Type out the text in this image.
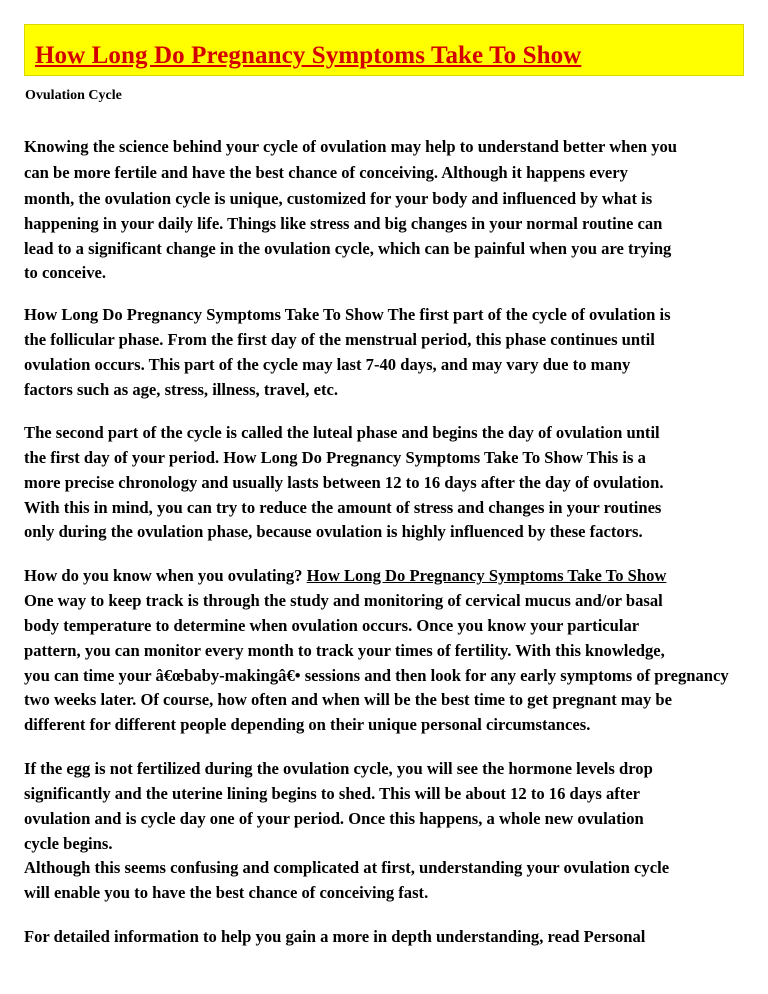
How Long Do Pregnancy Symptoms Take To Show
Ovulation Cycle
Knowing the science behind your cycle of ovulation may help to understand better when you
can be more fertile and have the best chance of conceiving. Although it happens every
month, the ovulation cycle is unique, customized for your body and influenced by what is
happening in your daily life. Things like stress and big changes in your normal routine can
lead to a significant change in the ovulation cycle, which can be painful when you are trying
to conceive.
How Long Do Pregnancy Symptoms Take To Show The first part of the cycle of ovulation is
the follicular phase. From the first day of the menstrual period, this phase continues until
ovulation occurs. This part of the cycle may last 7-40 days, and may vary due to many
factors such as age, stress, illness, travel, etc.
The second part of the cycle is called the luteal phase and begins the day of ovulation until
the first day of your period. How Long Do Pregnancy Symptoms Take To Show This is a
more precise chronology and usually lasts between 12 to 16 days after the day of ovulation.
With this in mind, you can try to reduce the amount of stress and changes in your routines
only during the ovulation phase, because ovulation is highly influenced by these factors.
How do you know when you ovulating? How Long Do Pregnancy Symptoms Take To Show
One way to keep track is through the study and monitoring of cervical mucus and/or basal
body temperature to determine when ovulation occurs. Once you know your particular
pattern, you can monitor every month to track your times of fertility. With this knowledge,
you can time your â€œbaby-makingâ€• sessions and then look for any early symptoms of pregnancy
two weeks later. Of course, how often and when will be the best time to get pregnant may be
different for different people depending on their unique personal circumstances.
If the egg is not fertilized during the ovulation cycle, you will see the hormone levels drop
significantly and the uterine lining begins to shed. This will be about 12 to 16 days after
ovulation and is cycle day one of your period. Once this happens, a whole new ovulation
cycle begins.
Although this seems confusing and complicated at first, understanding your ovulation cycle
will enable you to have the best chance of conceiving fast.
For detailed information to help you gain a more in depth understanding, read Personal
